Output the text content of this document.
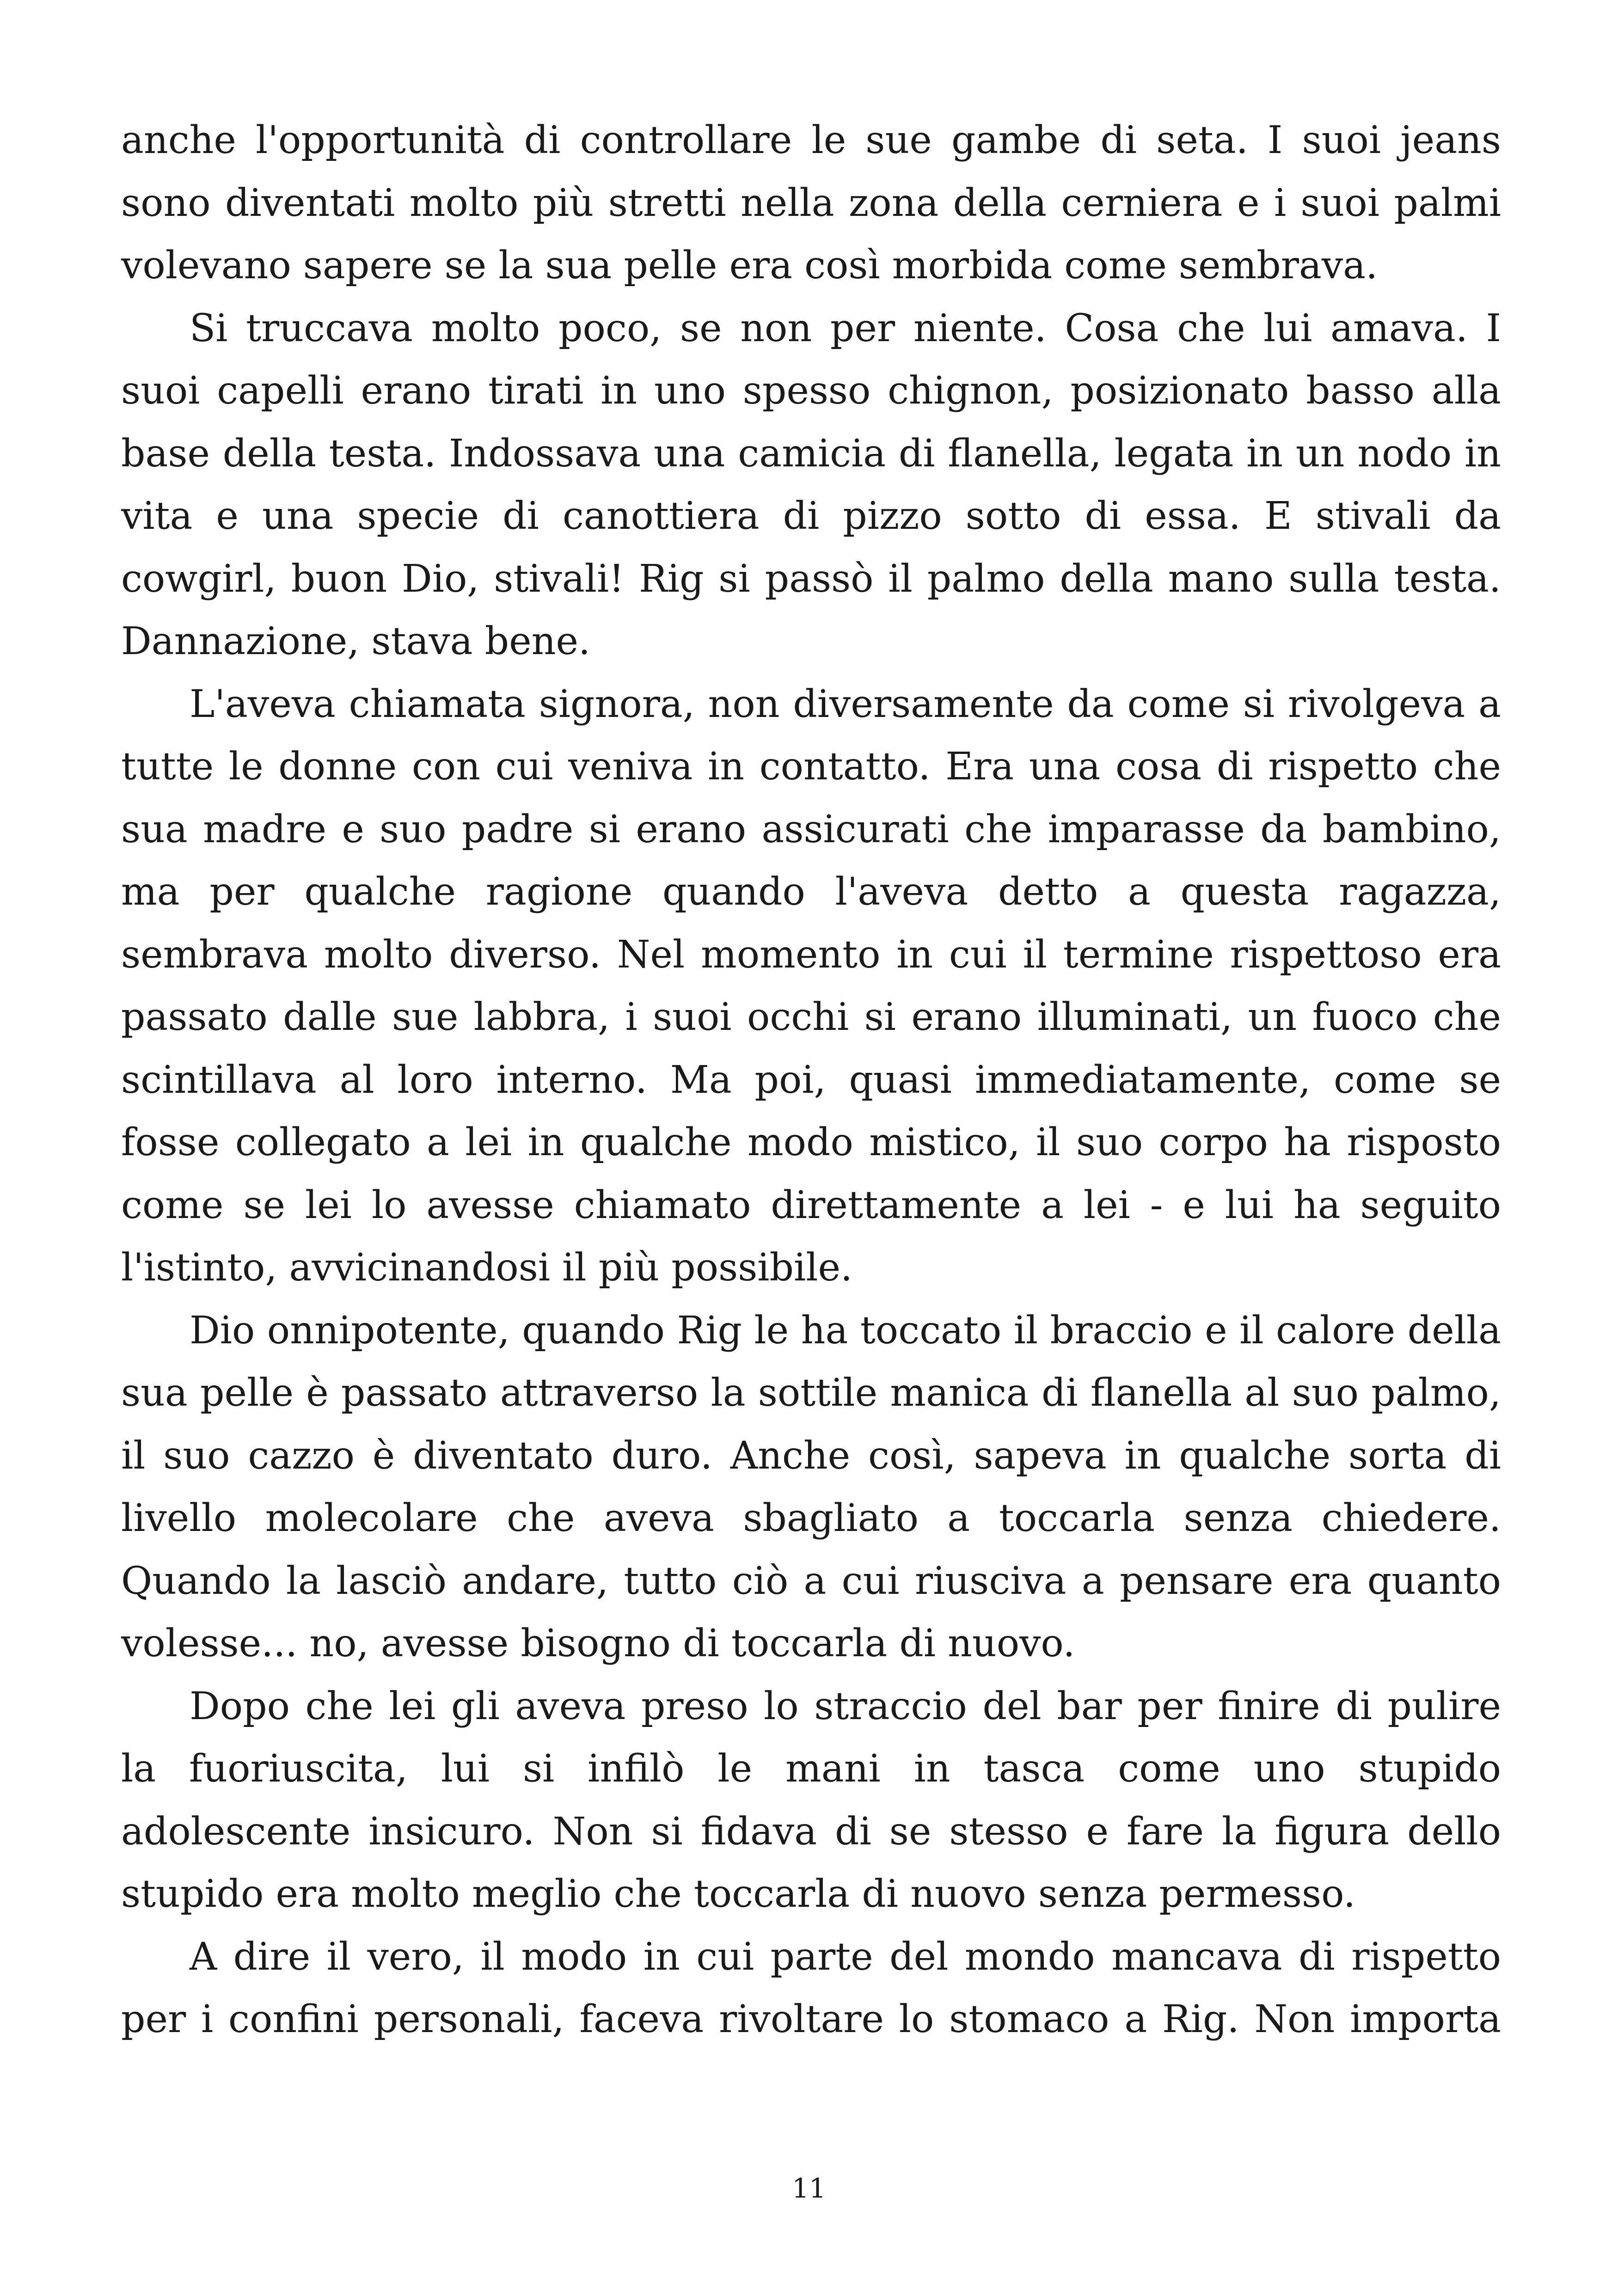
anche l'opportunità di controllare le sue gambe di seta. I suoi jeans sono diventati molto più stretti nella zona della cerniera e i suoi palmi volevano sapere se la sua pelle era così morbida come sembrava.

Si truccava molto poco, se non per niente. Cosa che lui amava. I suoi capelli erano tirati in uno spesso chignon, posizionato basso alla base della testa. Indossava una camicia di flanella, legata in un nodo in vita e una specie di canottiera di pizzo sotto di essa. E stivali da cowgirl, buon Dio, stivali! Rig si passò il palmo della mano sulla testa. Dannazione, stava bene.

L'aveva chiamata signora, non diversamente da come si rivolgeva a tutte le donne con cui veniva in contatto. Era una cosa di rispetto che sua madre e suo padre si erano assicurati che imparasse da bambino, ma per qualche ragione quando l'aveva detto a questa ragazza, sembrava molto diverso. Nel momento in cui il termine rispettoso era passato dalle sue labbra, i suoi occhi si erano illuminati, un fuoco che scintillava al loro interno. Ma poi, quasi immediatamente, come se fosse collegato a lei in qualche modo mistico, il suo corpo ha risposto come se lei lo avesse chiamato direttamente a lei - e lui ha seguito l'istinto, avvicinandosi il più possibile.

Dio onnipotente, quando Rig le ha toccato il braccio e il calore della sua pelle è passato attraverso la sottile manica di flanella al suo palmo, il suo cazzo è diventato duro. Anche così, sapeva in qualche sorta di livello molecolare che aveva sbagliato a toccarla senza chiedere. Quando la lasciò andare, tutto ciò a cui riusciva a pensare era quanto volesse... no, avesse bisogno di toccarla di nuovo.

Dopo che lei gli aveva preso lo straccio del bar per finire di pulire la fuoriuscita, lui si infilò le mani in tasca come uno stupido adolescente insicuro. Non si fidava di se stesso e fare la figura dello stupido era molto meglio che toccarla di nuovo senza permesso.

A dire il vero, il modo in cui parte del mondo mancava di rispetto per i confini personali, faceva rivoltare lo stomaco a Rig. Non importa

11
